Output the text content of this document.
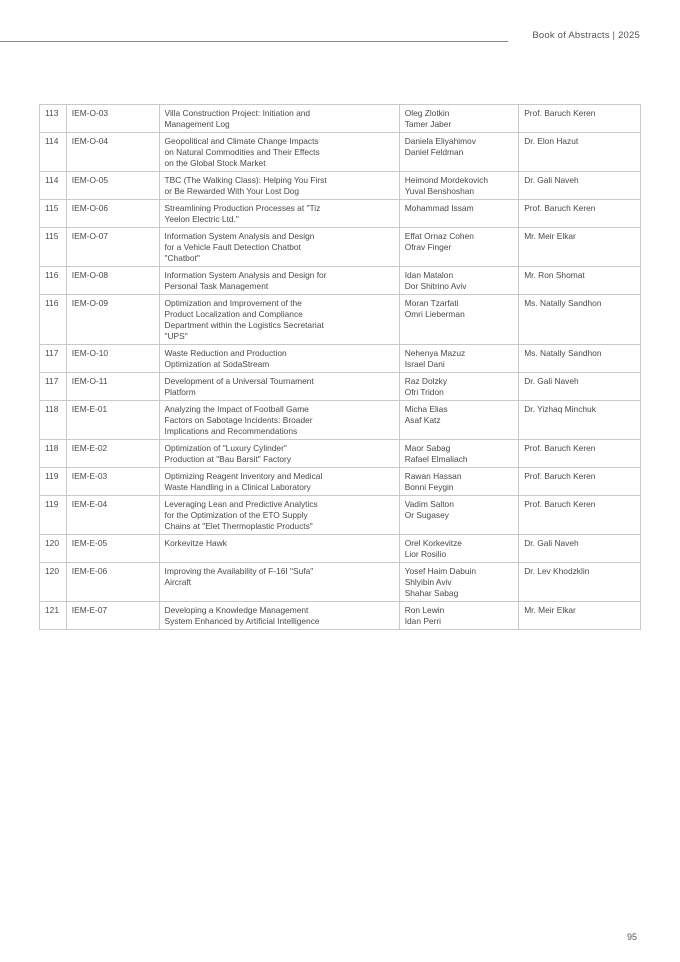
Book of Abstracts | 2025
113	IEM-O-03	Villa Construction Project: Initiation and
Management Log	Oleg Zlotkin
Tamer Jaber	Prof. Baruch Keren
114	IEM-O-04	Geopolitical and Climate Change Impacts
on Natural Commodities and Their Effects
on the Global Stock Market	Daniela Eliyahimov
Daniel Feldman	Dr. Elon Hazut
114	IEM-O-05	TBC (The Walking Class): Helping You First
or Be Rewarded With Your Lost Dog	Heimond Mordekovich
Yuval Benshoshan	Dr. Gali Naveh
115	IEM-O-06	Streamlining Production Processes at "Tiz
Yeelon Electric Ltd."	Mohammad Issam	Prof. Baruch Keren
115	IEM-O-07	Information System Analysis and Design
for a Vehicle Fault Detection Chatbot
"Chatbot"	Effat Ornaz Cohen
Ofrav Finger	Mr. Meir Elkar
116	IEM-O-08	Information System Analysis and Design for
Personal Task Management	Idan Matalon
Dor Shitrino Aviv	Mr. Ron Shomat
116	IEM-O-09	Optimization and Improvement of the
Product Localization and Compliance
Department within the Logistics Secretariat
"UPS"	Moran Tzarfati
Omri Lieberman	Ms. Natally Sandhon
117	IEM-O-10	Waste Reduction and Production
Optimization at SodaStream	Nehenya Mazuz
Israel Dani	Ms. Natally Sandhon
117	IEM-O-11	Development of a Universal Tournament
Platform	Raz Dolzky
Ofri Tridon	Dr. Gali Naveh
118	IEM-E-01	Analyzing the Impact of Football Game
Factors on Sabotage Incidents: Broader
Implications and Recommendations	Micha Elias
Asaf Katz	Dr. Yizhaq Minchuk
118	IEM-E-02	Optimization of "Luxury Cylinder"
Production at "Bau Barsit" Factory	Maor Sabag
Rafael Elmaliach	Prof. Baruch Keren
119	IEM-E-03	Optimizing Reagent Inventory and Medical
Waste Handling in a Clinical Laboratory	Rawan Hassan
Bonni Feygin	Prof. Baruch Keren
119	IEM-E-04	Leveraging Lean and Predictive Analytics
for the Optimization of the ETO Supply
Chains at "Elet Thermoplastic Products"	Vadim Salton
Or Sugasey	Prof. Baruch Keren
120	IEM-E-05	Korkevitze Hawk	Orel Korkevitze
Lior Rosilio	Dr. Gali Naveh
120	IEM-E-06	Improving the Availability of F-16I "Sufa"
Aircraft	Yosef Haim Dabuin
Shlyibin Aviv
Shahar Sabag	Dr. Lev Khodzklin
121	IEM-E-07	Developing a Knowledge Management
System Enhanced by Artificial Intelligence	Ron Lewin
Idan Perri	Mr. Meir Elkar
95
